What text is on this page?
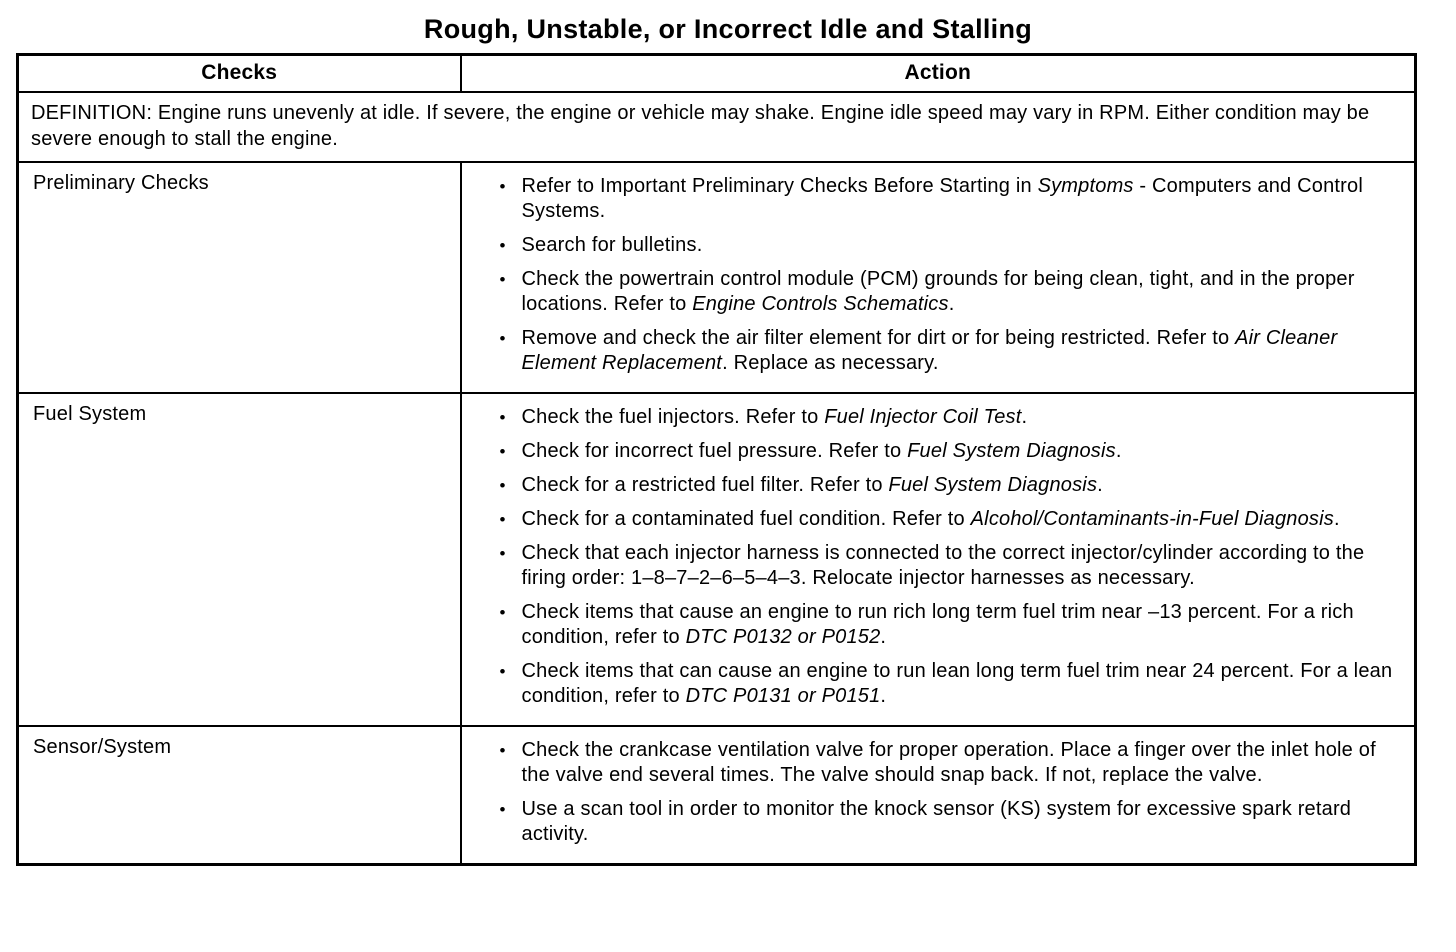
Rough, Unstable, or Incorrect Idle and Stalling
Checks	Action
DEFINITION: Engine runs unevenly at idle. If severe, the engine or vehicle may shake. Engine idle speed may vary in RPM. Either condition may be severe enough to stall the engine.	
Preliminary Checks	• Refer to Important Preliminary Checks Before Starting in Symptoms - Computers and Control Systems.
• Search for bulletins.
• Check the powertrain control module (PCM) grounds for being clean, tight, and in the proper locations. Refer to Engine Controls Schematics.
• Remove and check the air filter element for dirt or for being restricted. Refer to Air Cleaner Element Replacement. Replace as necessary.

Fuel System	• Check the fuel injectors. Refer to Fuel Injector Coil Test.
• Check for incorrect fuel pressure. Refer to Fuel System Diagnosis.
• Check for a restricted fuel filter. Refer to Fuel System Diagnosis.
• Check for a contaminated fuel condition. Refer to Alcohol/Contaminants-in-Fuel Diagnosis.
• Check that each injector harness is connected to the correct injector/cylinder according to the firing order: 1–8–7–2–6–5–4–3. Relocate injector harnesses as necessary.
• Check items that cause an engine to run rich long term fuel trim near –13 percent. For a rich condition, refer to DTC P0132 or P0152.
• Check items that can cause an engine to run lean long term fuel trim near 24 percent. For a lean condition, refer to DTC P0131 or P0151.

Sensor/System	• Check the crankcase ventilation valve for proper operation. Place a finger over the inlet hole of the valve end several times. The valve should snap back. If not, replace the valve.
• Use a scan tool in order to monitor the knock sensor (KS) system for excessive spark retard activity.
